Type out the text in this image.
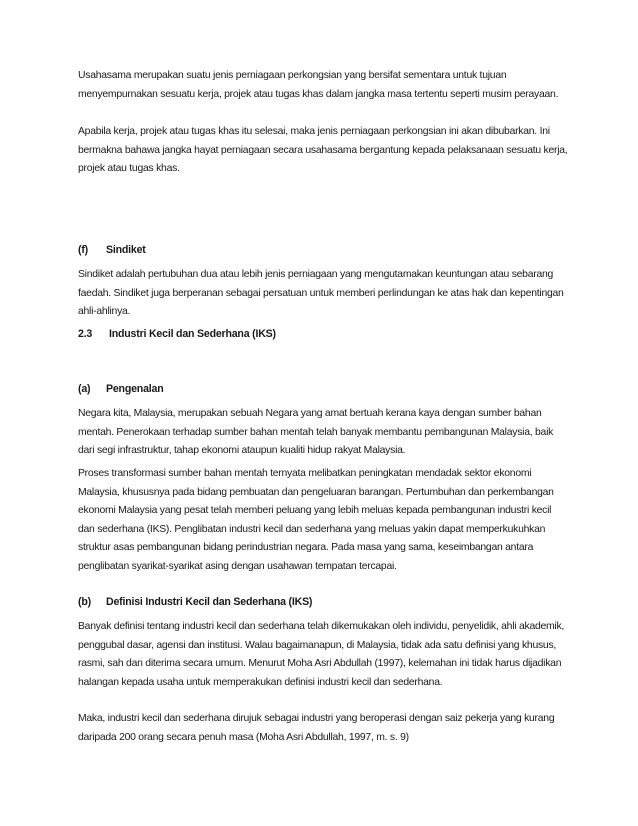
Usahasama merupakan suatu jenis perniagaan perkongsian yang bersifat sementara untuk tujuan menyempurnakan sesuatu kerja, projek atau tugas khas dalam jangka masa tertentu seperti musim perayaan.

Apabila kerja, projek atau tugas khas itu selesai, maka jenis perniagaan perkongsian ini akan dibubarkan. Ini bermakna bahawa jangka hayat perniagaan secara usahasama bergantung kepada pelaksanaan sesuatu kerja, projek atau tugas khas.

(f) Sindiket

Sindiket adalah pertubuhan dua atau lebih jenis perniagaan yang mengutamakan keuntungan atau sebarang faedah. Sindiket juga berperanan sebagai persatuan untuk memberi perlindungan ke atas hak dan kepentingan ahli-ahlinya.

2.3 Industri Kecil dan Sederhana (IKS)
(a) Pengenalan

Negara kita, Malaysia, merupakan sebuah Negara yang amat bertuah kerana kaya dengan sumber bahan mentah. Penerokaan terhadap sumber bahan mentah telah banyak membantu pembangunan Malaysia, baik dari segi infrastruktur, tahap ekonomi ataupun kualiti hidup rakyat Malaysia.

Proses transformasi sumber bahan mentah ternyata melibatkan peningkatan mendadak sektor ekonomi Malaysia, khususnya pada bidang pembuatan dan pengeluaran barangan. Pertumbuhan dan perkembangan ekonomi Malaysia yang pesat telah memberi peluang yang lebih meluas kepada pembangunan industri kecil dan sederhana (IKS). Penglibatan industri kecil dan sederhana yang meluas yakin dapat memperkukuhkan struktur asas pembangunan bidang perindustrian negara. Pada masa yang sama, keseimbangan antara penglibatan syarikat-syarikat asing dengan usahawan tempatan tercapai.

(b) Definisi Industri Kecil dan Sederhana (IKS)

Banyak definisi tentang industri kecil dan sederhana telah dikemukakan oleh individu, penyelidik, ahli akademik, penggubal dasar, agensi dan institusi. Walau bagaimanapun, di Malaysia, tidak ada satu definisi yang khusus, rasmi, sah dan diterima secara umum. Menurut Moha Asri Abdullah (1997), kelemahan ini tidak harus dijadikan halangan kepada usaha untuk memperakukan definisi industri kecil dan sederhana.

Maka, industri kecil dan sederhana dirujuk sebagai industri yang beroperasi dengan saiz pekerja yang kurang daripada 200 orang secara penuh masa (Moha Asri Abdullah, 1997, m. s. 9)
